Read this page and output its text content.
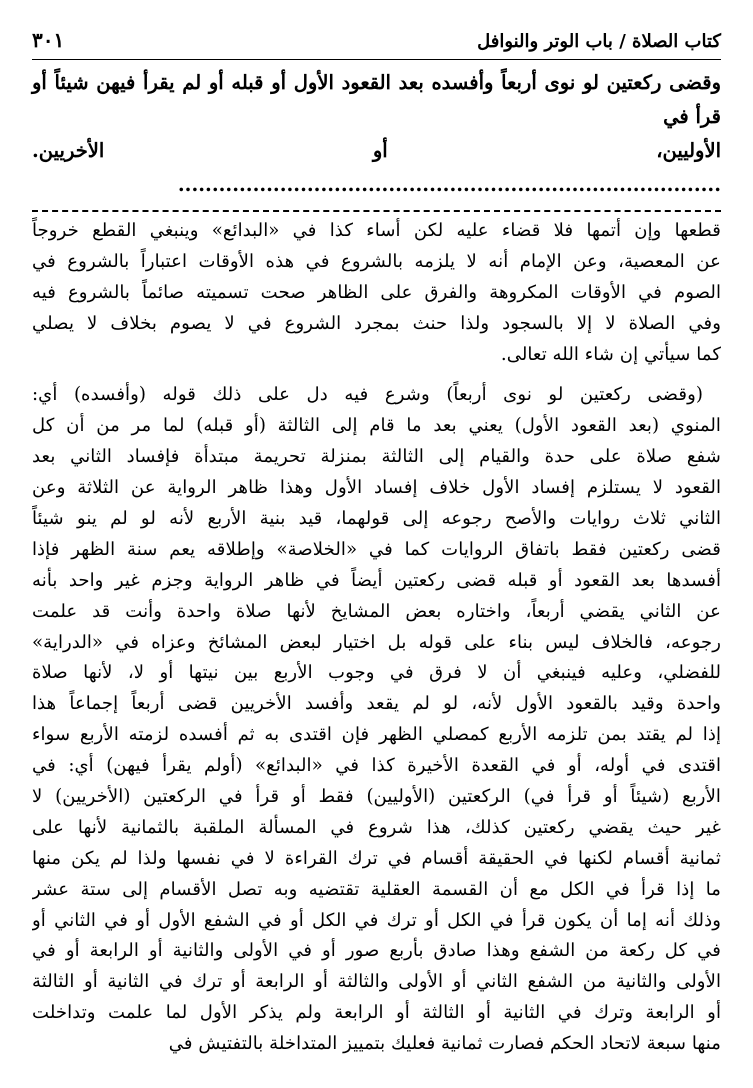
كتاب الصلاة / باب الوتر والنوافل
٣٠١
وقضى ركعتين لو نوى أربعاً وأفسده بعد القعود الأول أو قبله أو لم يقرأ فيهن شيئاً أو قرأ في
الأوليين، أو الأخريين. ................................................................................
قطعها وإن أتمها فلا قضاء عليه لكن أساء كذا في «البدائع» وينبغي القطع خروجاً
عن المعصية، وعن الإمام أنه لا يلزمه بالشروع في هذه الأوقات اعتباراً بالشروع في
الصوم في الأوقات المكروهة والفرق على الظاهر صحت تسميته صائماً بالشروع فيه
وفي الصلاة لا إلا بالسجود ولذا حنث بمجرد الشروع في لا يصوم بخلاف لا يصلي
كما سيأتي إن شاء الله تعالى.
(وقضى ركعتين لو نوى أربعاً) وشرع فيه دل على ذلك قوله (وأفسده) أي:
المنوي (بعد القعود الأول) يعني بعد ما قام إلى الثالثة (أو قبله) لما مر من أن كل
شفع صلاة على حدة والقيام إلى الثالثة بمنزلة تحريمة مبتدأة فإفساد الثاني بعد
القعود لا يستلزم إفساد الأول خلاف إفساد الأول وهذا ظاهر الرواية عن الثلاثة وعن
الثاني ثلاث روايات والأصح رجوعه إلى قولهما، قيد بنية الأربع لأنه لو لم ينو شيئاً
قضى ركعتين فقط باتفاق الروايات كما في «الخلاصة» وإطلاقه يعم سنة الظهر فإذا
أفسدها بعد القعود أو قبله قضى ركعتين أيضاً في ظاهر الرواية وجزم غير واحد بأنه
عن الثاني يقضي أربعاً، واختاره بعض المشايخ لأنها صلاة واحدة وأنت قد علمت
رجوعه، فالخلاف ليس بناء على قوله بل اختيار لبعض المشائخ وعزاه في «الدراية»
للفضلي، وعليه فينبغي أن لا فرق في وجوب الأربع بين نيتها أو لا، لأنها صلاة
واحدة وقيد بالقعود الأول لأنه، لو لم يقعد وأفسد الأخريين قضى أربعاً إجماعاً هذا
إذا لم يقتد بمن تلزمه الأربع كمصلي الظهر فإن اقتدى به ثم أفسده لزمته الأربع سواء
اقتدى في أوله، أو في القعدة الأخيرة كذا في «البدائع» (أولم يقرأ فيهن) أي: في
الأربع (شيئاً أو قرأ في) الركعتين (الأوليين) فقط أو قرأ في الركعتين (الأخريين) لا
غير حيث يقضي ركعتين كذلك، هذا شروع في المسألة الملقبة بالثمانية لأنها على
ثمانية أقسام لكنها في الحقيقة أقسام في ترك القراءة لا في نفسها ولذا لم يكن منها
ما إذا قرأ في الكل مع أن القسمة العقلية تقتضيه وبه تصل الأقسام إلى ستة عشر
وذلك أنه إما أن يكون قرأ في الكل أو ترك في الكل أو في الشفع الأول أو في الثاني أو
في كل ركعة من الشفع وهذا صادق بأربع صور أو في الأولى والثانية أو الرابعة أو في
الأولى والثانية من الشفع الثاني أو الأولى والثالثة أو الرابعة أو ترك في الثانية أو الثالثة
أو الرابعة وترك في الثانية أو الثالثة أو الرابعة ولم يذكر الأول لما علمت وتداخلت
منها سبعة لاتحاد الحكم فصارت ثمانية فعليك بتمييز المتداخلة بالتفتيش في
